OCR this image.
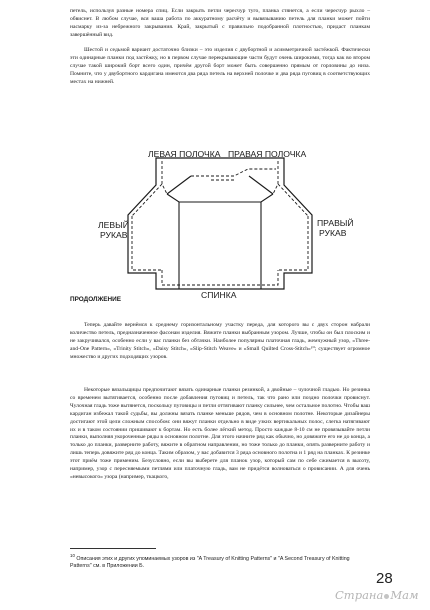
петель, используя разные номера спиц. Если закрыть петли чересчур туго, планка стянется, а если чересчур рыхло – обвиснет. В любом случае, вся ваша работа по аккуратному расчёту и вывязыванию петель для планки может пойти насмарку из-за небрежного закрывания. Край, закрытый с правильно подобранной плотностью, придаст планкам завершённый вид.

Шестой и седьмой вариант достаточно близки – это изделия с двубортной и асимметричной застёжкой. Фактически эти одинарные планки под застёжку, но в первом случае перекрывающие части будут очень широкими, тогда как во втором случае такой широкий борт всего один, причём другой борт может быть совершенно прямым от горловины до низа. Помните, что у двубортного кардигана имеются два ряда петель на верхней полочке и два ряда пуговиц в соответствующих местах на нижней.

ЛЕВАЯ ПОЛОЧКА ПРАВАЯ ПОЛОЧКА
ЛЕВЫЙ
РУКАВ
ПРАВЫЙ
РУКАВ
СПИНКА

ПРОДОЛЖЕНИЕ

Теперь давайте вернёмся к среднему горизонтальному участку переда, для которого вы с двух сторон набрали количество петель, предназначенное фасонам изделия. Вяжите планки выбранным узором. Лучше, чтобы он был плоским и не закручивался, особенно если у вас планки без обтачки. Наиболее популярны платочная гладь, жемчужный узор, «Three-and-One Pattern», «Trinity Stitch», «Daisy Stitch», «Slip-Stitch Weave» и «Small Quilted Cross-Stitch»¹⁰; существует огромное множество и других подходящих узоров.

Некоторые вязальщицы предпочитают вязать одинарные планки резинкой, а двойные – чулочной гладью. Но резинка со временем вытягивается, особенно после добавления пуговиц и петель, так что рано или поздно полочки провиснут. Чулочная гладь тоже вытянется, поскольку пуговицы и петли оттягивают планку сильнее, чем остальное полотно. Чтобы ваш кардиган избежал такой судьбы, вы должны вязать планке меньше рядов, чем в основном полотне. Некоторые дизайнеры достигают этой цели сложным способом: они вяжут планки отдельно в виде узких вертикальных полос, слегка натягивают их и в таком состоянии пришивают к бортам. Но есть более лёгкий метод. Просто каждые 8-10 см не провязывайте петли планки, выполняя укороченные ряды в основном полотне. Для этого начните ряд как обычно, но довяжите его не до конца, а только до планки, разверните работу, вяжите в обратном направлении, но тоже только до планки, опять разверните работу и лишь теперь довяжите ряд до конца. Таким образом, у вас добавится 3 ряда основного полотна и 1 ряд на планках. К резинке этот приём тоже применим. Безусловно, если вы выберете для планок узор, который сам по себе сжимается в высоту, например, узор с пересняемыми петлями или платочную гладь, вам не придётся волноваться о провисании. А для очень «невысокого» узора (например, ткацкого,

$^{10}$ Описания этих и других упоминаемых узоров из "A Treasury of Knitting Patterns" и "A Second Treasury of Knitting Patterns" см. в Приложении Б.

28
Страна Мам
